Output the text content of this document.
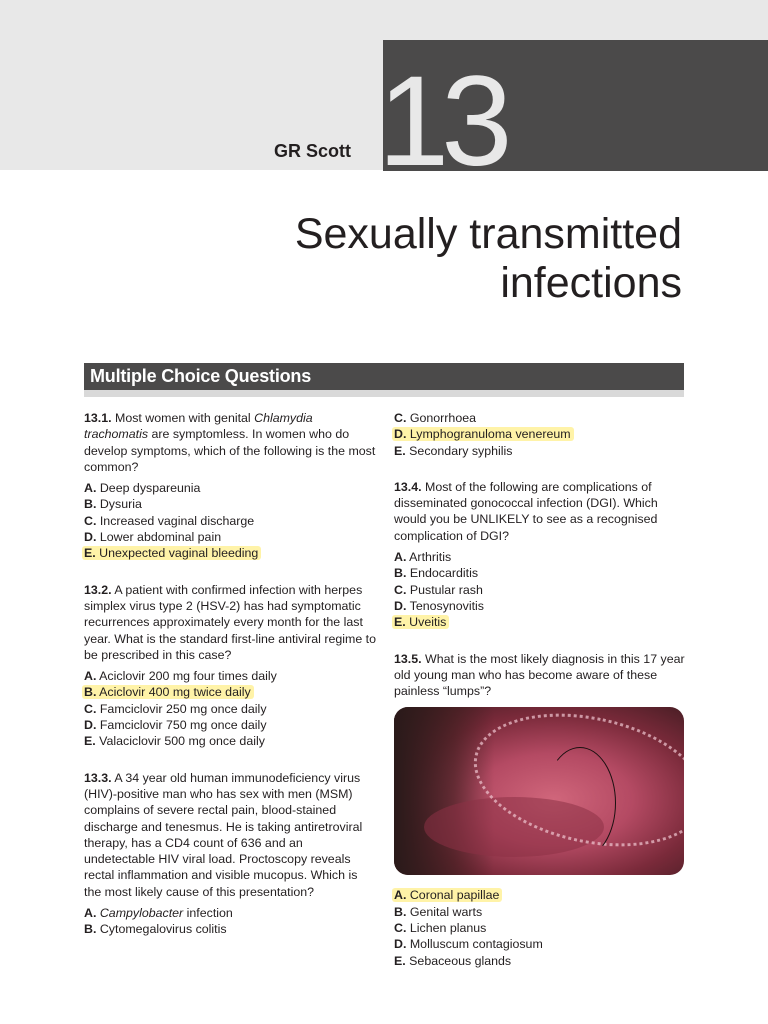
13
GR Scott
Sexually transmitted
infections
Multiple Choice Questions

13.1. Most women with genital Chlamydia trachomatis are symptomless. In women who do develop symptoms, which of the following is the most common?

A. Deep dyspareunia
B. Dysuria
C. Increased vaginal discharge
D. Lower abdominal pain
E. Unexpected vaginal bleeding

13.2. A patient with confirmed infection with herpes simplex virus type 2 (HSV-2) has had symptomatic recurrences approximately every month for the last year. What is the standard first-line antiviral regime to be prescribed in this case?

A. Aciclovir 200 mg four times daily
B. Aciclovir 400 mg twice daily
C. Famciclovir 250 mg once daily
D. Famciclovir 750 mg once daily
E. Valaciclovir 500 mg once daily

13.3. A 34 year old human immunodeficiency virus (HIV)-positive man who has sex with men (MSM) complains of severe rectal pain, blood-stained discharge and tenesmus. He is taking antiretroviral therapy, has a CD4 count of 636 and an undetectable HIV viral load. Proctoscopy reveals rectal inflammation and visible mucopus. Which is the most likely cause of this presentation?

A. Campylobacter infection
B. Cytomegalovirus colitis
C. Gonorrhoea
D. Lymphogranuloma venereum
E. Secondary syphilis

13.4. Most of the following are complications of disseminated gonococcal infection (DGI). Which would you be UNLIKELY to see as a recognised complication of DGI?

A. Arthritis
B. Endocarditis
C. Pustular rash
D. Tenosynovitis
E. Uveitis

13.5. What is the most likely diagnosis in this 17 year old young man who has become aware of these painless “lumps”?

A. Coronal papillae
B. Genital warts
C. Lichen planus
D. Molluscum contagiosum
E. Sebaceous glands
